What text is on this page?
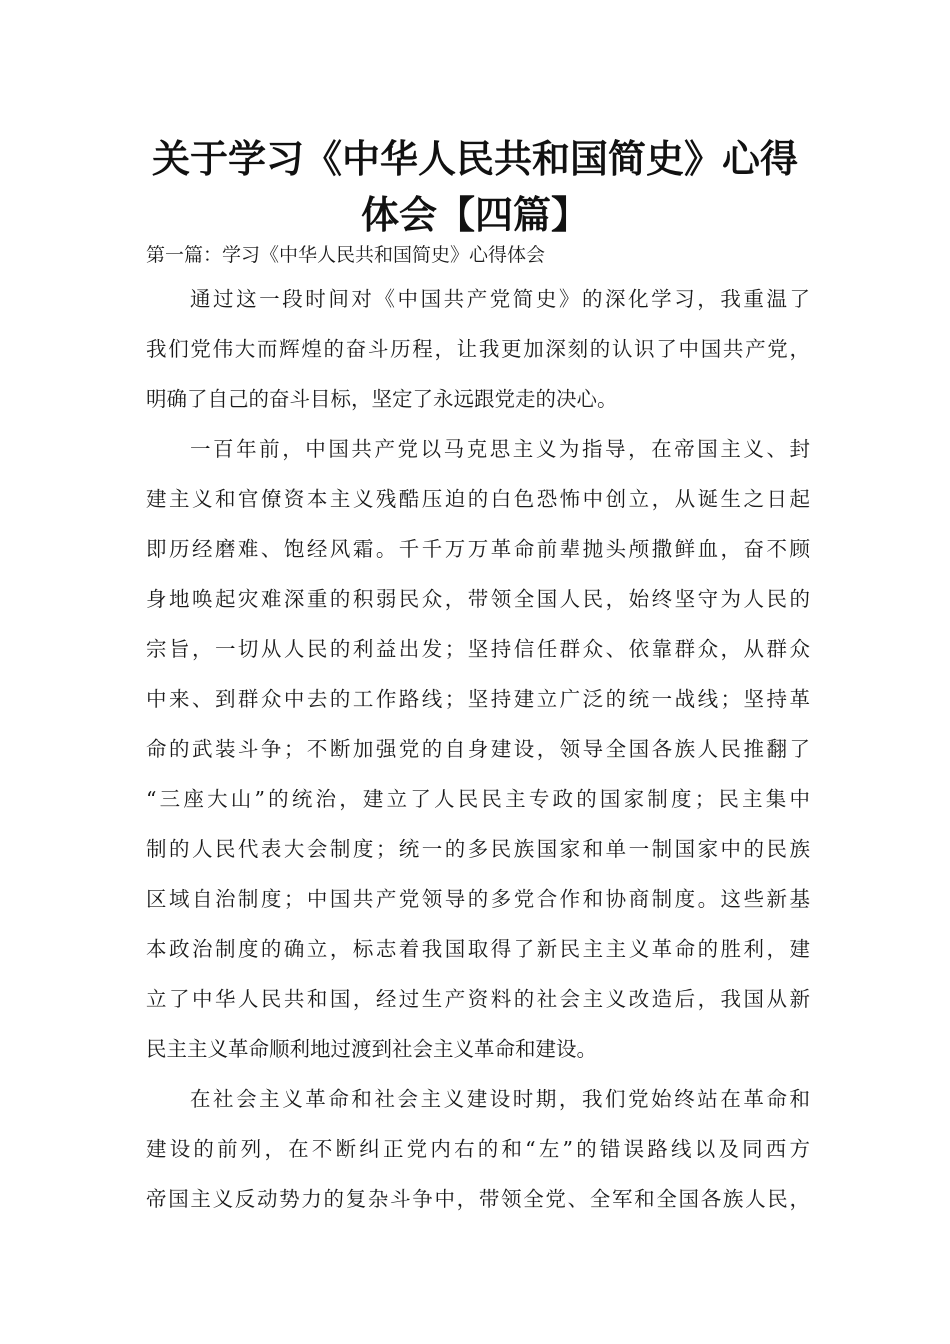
关于学习《中华人民共和国简史》心得
体会【四篇】
第一篇：学习《中华人民共和国简史》心得体会
通过这一段时间对《中国共产党简史》的深化学习，我重温了
我们党伟大而辉煌的奋斗历程，让我更加深刻的认识了中国共产党，
明确了自己的奋斗目标，坚定了永远跟党走的决心。
一百年前，中国共产党以马克思主义为指导，在帝国主义、封
建主义和官僚资本主义残酷压迫的白色恐怖中创立，从诞生之日起
即历经磨难、饱经风霜。千千万万革命前辈抛头颅撒鲜血，奋不顾
身地唤起灾难深重的积弱民众，带领全国人民，始终坚守为人民的
宗旨，一切从人民的利益出发；坚持信任群众、依靠群众，从群众
中来、到群众中去的工作路线；坚持建立广泛的统一战线；坚持革
命的武装斗争；不断加强党的自身建设，领导全国各族人民推翻了
“三座大山”的统治，建立了人民民主专政的国家制度；民主集中
制的人民代表大会制度；统一的多民族国家和单一制国家中的民族
区域自治制度；中国共产党领导的多党合作和协商制度。这些新基
本政治制度的确立，标志着我国取得了新民主主义革命的胜利，建
立了中华人民共和国，经过生产资料的社会主义改造后，我国从新
民主主义革命顺利地过渡到社会主义革命和建设。
在社会主义革命和社会主义建设时期，我们党始终站在革命和
建设的前列，在不断纠正党内右的和“左”的错误路线以及同西方
帝国主义反动势力的复杂斗争中，带领全党、全军和全国各族人民，
